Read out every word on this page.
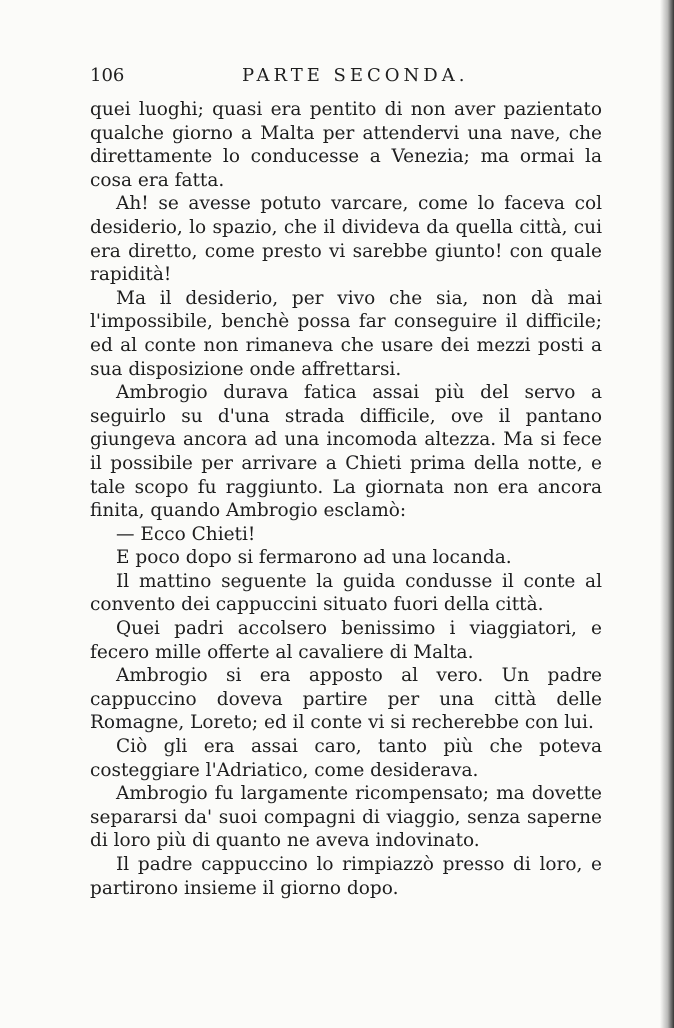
106	PARTE SECONDA.

quei luoghi; quasi era pentito di non aver pazientato qualche giorno a Malta per attendervi una nave, che direttamente lo conducesse a Venezia; ma ormai la cosa era fatta.

Ah! se avesse potuto varcare, come lo faceva col desiderio, lo spazio, che il divideva da quella città, cui era diretto, come presto vi sarebbe giunto! con quale rapidità!

Ma il desiderio, per vivo che sia, non dà mai l'impossibile, benchè possa far conseguire il difficile; ed al conte non rimaneva che usare dei mezzi posti a sua disposizione onde affrettarsi.

Ambrogio durava fatica assai più del servo a seguirlo su d'una strada difficile, ove il pantano giungeva ancora ad una incomoda altezza. Ma si fece il possibile per arrivare a Chieti prima della notte, e tale scopo fu raggiunto. La giornata non era ancora finita, quando Ambrogio esclamò:

— Ecco Chieti!

E poco dopo si fermarono ad una locanda.

Il mattino seguente la guida condusse il conte al convento dei cappuccini situato fuori della città.

Quei padri accolsero benissimo i viaggiatori, e fecero mille offerte al cavaliere di Malta.

Ambrogio si era apposto al vero. Un padre cappuccino doveva partire per una città delle Romagne, Loreto; ed il conte vi si recherebbe con lui.

Ciò gli era assai caro, tanto più che poteva costeggiare l'Adriatico, come desiderava.

Ambrogio fu largamente ricompensato; ma dovette separarsi da' suoi compagni di viaggio, senza saperne di loro più di quanto ne aveva indovinato.

Il padre cappuccino lo rimpiazzò presso di loro, e partirono insieme il giorno dopo.
